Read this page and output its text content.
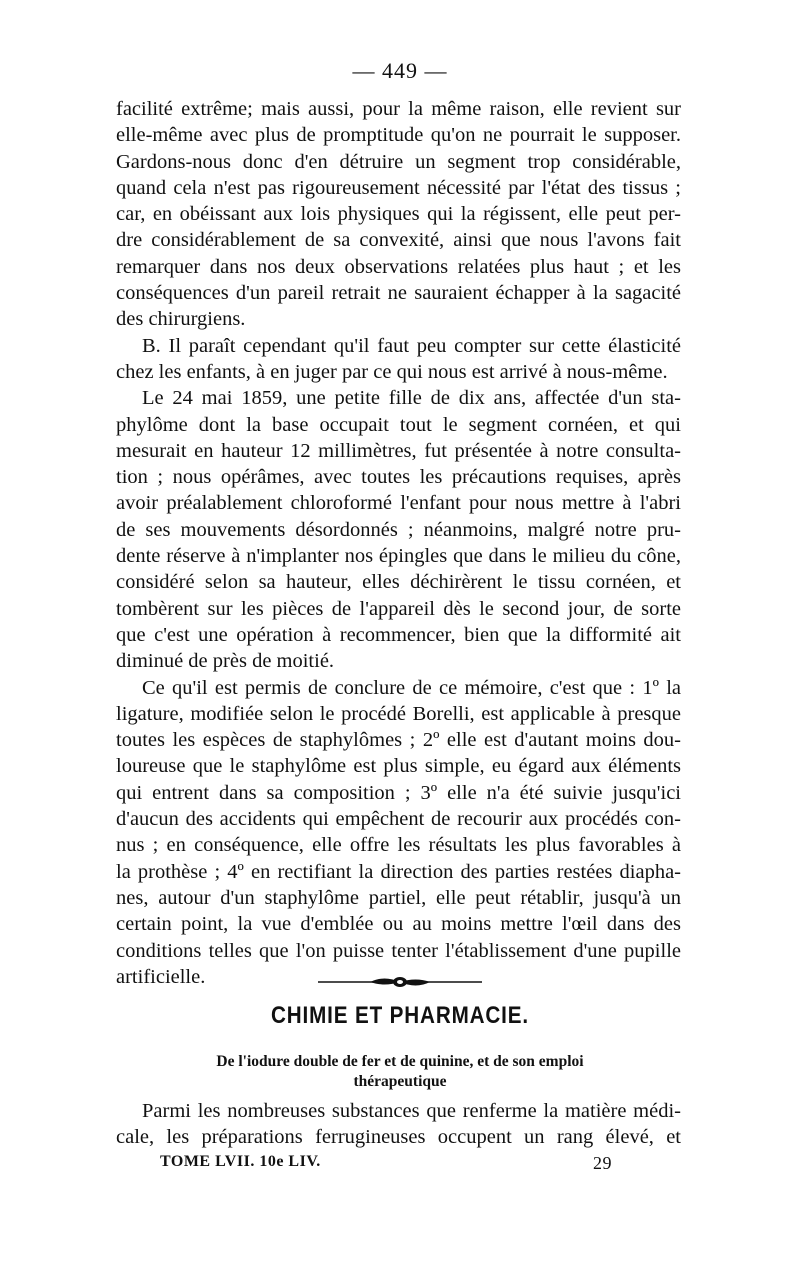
— 449 —
facilité extrême; mais aussi, pour la même raison, elle revient sur
elle-même avec plus de promptitude qu'on ne pourrait le supposer.
Gardons-nous donc d'en détruire un segment trop considérable,
quand cela n'est pas rigoureusement nécessité par l'état des tissus ;
car, en obéissant aux lois physiques qui la régissent, elle peut per-
dre considérablement de sa convexité, ainsi que nous l'avons fait
remarquer dans nos deux observations relatées plus haut ; et les
conséquences d'un pareil retrait ne sauraient échapper à la sagacité
des chirurgiens.
B. Il paraît cependant qu'il faut peu compter sur cette élasticité
chez les enfants, à en juger par ce qui nous est arrivé à nous-même.
Le 24 mai 1859, une petite fille de dix ans, affectée d'un sta-
phylôme dont la base occupait tout le segment cornéen, et qui
mesurait en hauteur 12 millimètres, fut présentée à notre consulta-
tion ; nous opérâmes, avec toutes les précautions requises, après
avoir préalablement chloroformé l'enfant pour nous mettre à l'abri
de ses mouvements désordonnés ; néanmoins, malgré notre pru-
dente réserve à n'implanter nos épingles que dans le milieu du cône,
considéré selon sa hauteur, elles déchirèrent le tissu cornéen, et
tombèrent sur les pièces de l'appareil dès le second jour, de sorte
que c'est une opération à recommencer, bien que la difformité ait
diminué de près de moitié.
Ce qu'il est permis de conclure de ce mémoire, c'est que : 1º la
ligature, modifiée selon le procédé Borelli, est applicable à presque
toutes les espèces de staphylômes ; 2º elle est d'autant moins dou-
loureuse que le staphylôme est plus simple, eu égard aux éléments
qui entrent dans sa composition ; 3º elle n'a été suivie jusqu'ici
d'aucun des accidents qui empêchent de recourir aux procédés con-
nus ; en conséquence, elle offre les résultats les plus favorables à
la prothèse ; 4º en rectifiant la direction des parties restées diapha-
nes, autour d'un staphylôme partiel, elle peut rétablir, jusqu'à un
certain point, la vue d'emblée ou au moins mettre l'œil dans des
conditions telles que l'on puisse tenter l'établissement d'une pupille
artificielle.
CHIMIE ET PHARMACIE.
De l'iodure double de fer et de quinine, et de son emploi
thérapeutique
Parmi les nombreuses substances que renferme la matière médi-
cale, les préparations ferrugineuses occupent un rang élevé, et
TOME LVII. 10e LIV.	29
